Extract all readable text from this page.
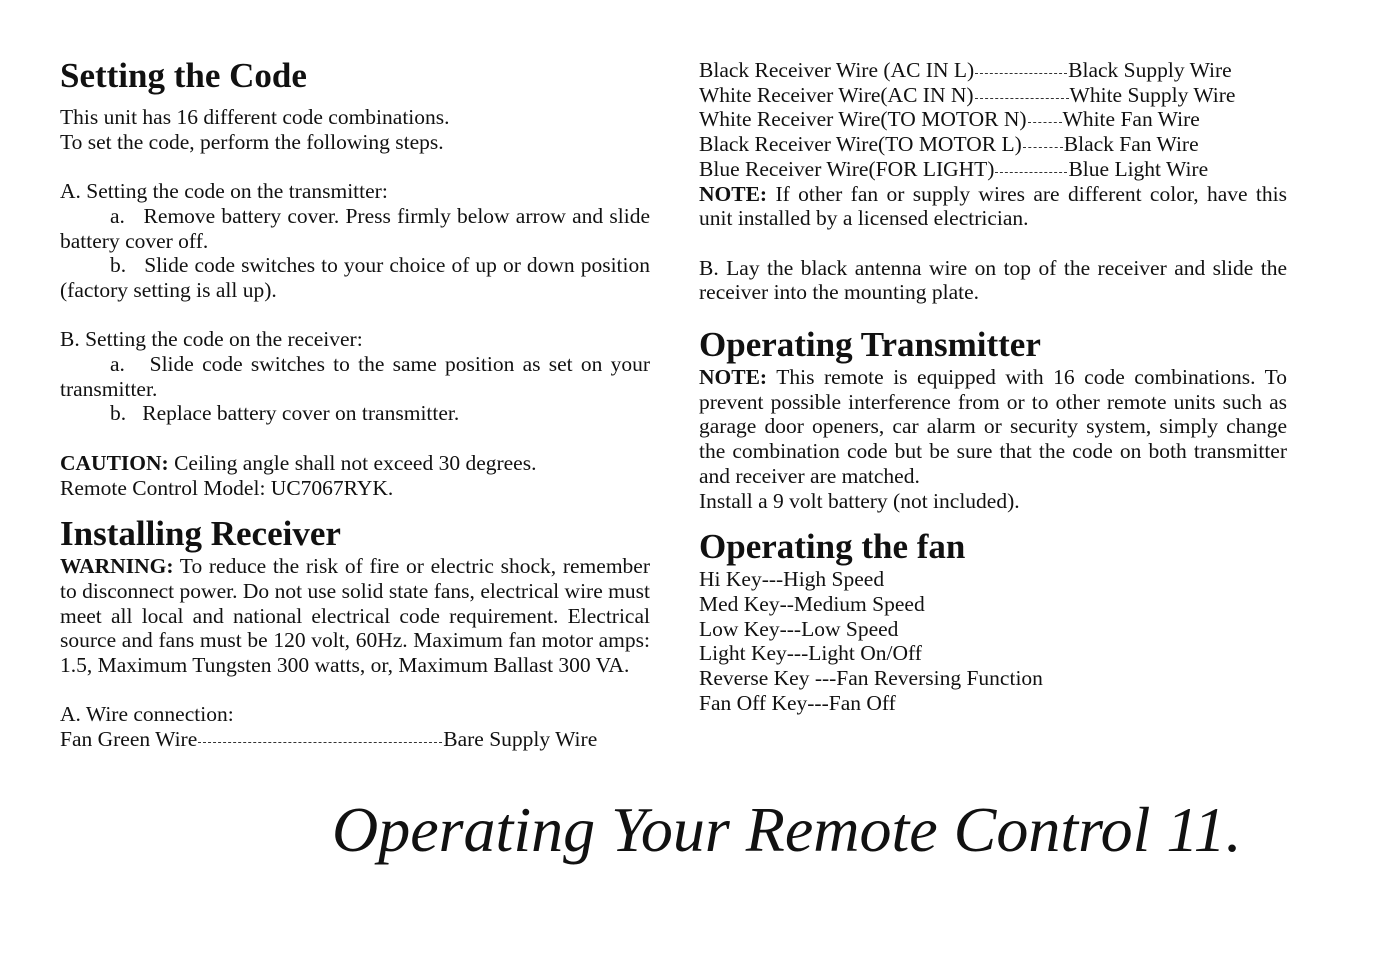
Setting the Code

This unit has 16 different code combinations.

To set the code, perform the following steps.

A. Setting the code on the transmitter:

a.   Remove battery cover. Press firmly below arrow and slide battery cover off.

b.   Slide code switches to your choice of up or down position (factory setting is all up).

B. Setting the code on the receiver:

a.   Slide code switches to the same position as set on your transmitter.

b.   Replace battery cover on transmitter.

CAUTION: Ceiling angle shall not exceed 30 degrees.

Remote Control Model: UC7067RYK.

Installing Receiver

WARNING: To reduce the risk of fire or electric shock, remember to disconnect power. Do not use solid state fans, electrical wire must meet all local and national electrical code requirement. Electrical source and fans must be 120 volt, 60Hz. Maximum fan motor amps: 1.5, Maximum Tungsten 300 watts, or, Maximum Ballast 300 VA.

A. Wire connection:

Fan Green Wire	Bare Supply Wire
Black Receiver Wire (AC IN L)	Black Supply Wire
White Receiver Wire(AC IN N)	White Supply Wire
White Receiver Wire(TO MOTOR N) White Fan Wire
Black Receiver Wire(TO MOTOR L) Black Fan Wire
Blue Receiver Wire(FOR LIGHT)	Blue Light Wire

NOTE: If other fan or supply wires are different color, have this unit installed by a licensed electrician.

B. Lay the black antenna wire on top of the receiver and slide the receiver into the mounting plate.

Operating Transmitter

NOTE: This remote is equipped with 16 code combinations. To prevent possible interference from or to other remote units such as garage door openers, car alarm or security system, simply change the combination code but be sure that the code on both transmitter and receiver are matched.

Install a 9 volt battery (not included).

Operating the fan

Hi Key---High Speed

Med Key--Medium Speed

Low Key---Low Speed

Light Key---Light On/Off

Reverse Key ---Fan Reversing Function

Fan Off Key---Fan Off

Operating Your Remote Control 11.
